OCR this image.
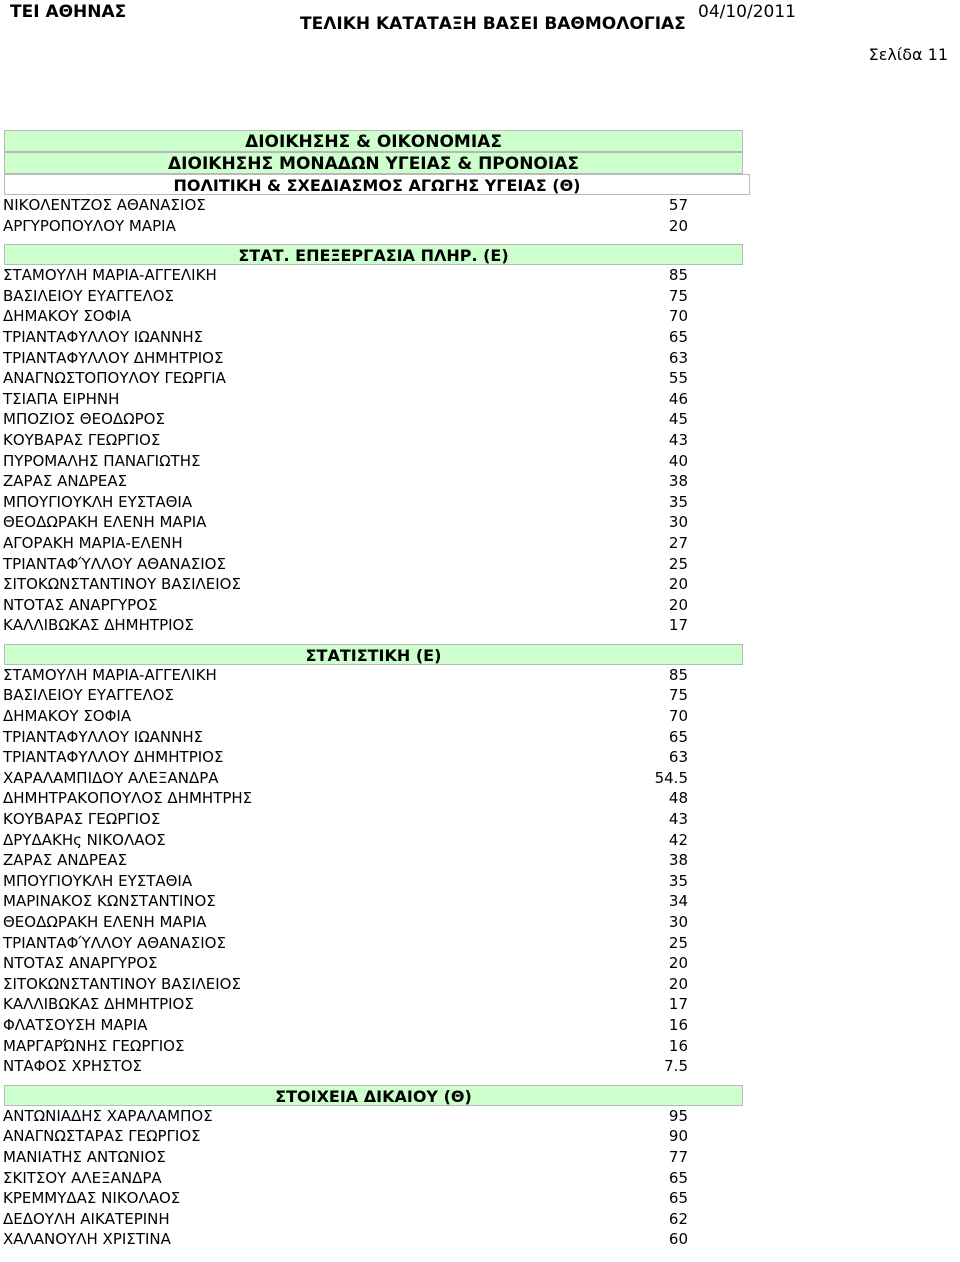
ΤΕΙ ΑΘΗΝΑΣ
ΤΕΛΙΚΗ ΚΑΤΑΤΑΞΗ ΒΑΣΕΙ ΒΑΘΜΟΛΟΓΙΑΣ
04/10/2011
Σελίδα 11
ΔΙΟΙΚΗΣΗΣ & ΟΙΚΟΝΟΜΙΑΣ
ΔΙΟΙΚΗΣΗΣ ΜΟΝΑΔΩΝ ΥΓΕΙΑΣ & ΠΡΟΝΟΙΑΣ
ΠΟΛΙΤΙΚΗ & ΣΧΕΔΙΑΣΜΟΣ ΑΓΩΓΗΣ ΥΓΕΙΑΣ (Θ)
ΝΙΚΟΛΕΝΤΖΟΣ ΑΘΑΝΑΣΙΟΣ	57
ΑΡΓΥΡΟΠΟΥΛΟΥ ΜΑΡΙΑ	20
ΣΤΑΤ. ΕΠΕΞΕΡΓΑΣΙΑ ΠΛΗΡ. (Ε)
ΣΤΑΜΟΥΛΗ ΜΑΡΙΑ-ΑΓΓΕΛΙΚΗ	85
ΒΑΣΙΛΕΙΟΥ ΕΥΑΓΓΕΛΟΣ	75
ΔΗΜΑΚΟΥ ΣΟΦΙΑ	70
ΤΡΙΑΝΤΑΦΥΛΛΟΥ ΙΩΑΝΝΗΣ	65
ΤΡΙΑΝΤΑΦΥΛΛΟΥ ΔΗΜΗΤΡΙΟΣ	63
ΑΝΑΓΝΩΣΤΟΠΟΥΛΟΥ ΓΕΩΡΓΙΑ	55
ΤΣΙΑΠΑ ΕΙΡΗΝΗ	46
ΜΠΟΖΙΟΣ ΘΕΟΔΩΡΟΣ	45
ΚΟΥΒΑΡΑΣ ΓΕΩΡΓΙΟΣ	43
ΠΥΡΟΜΑΛΗΣ ΠΑΝΑΓΙΩΤΗΣ	40
ΖΑΡΑΣ ΑΝΔΡΕΑΣ	38
ΜΠΟΥΓΙΟΥΚΛΗ ΕΥΣΤΑΘΙΑ	35
ΘΕΟΔΩΡΑΚΗ ΕΛΕΝΗ ΜΑΡΙΑ	30
ΑΓΟΡΑΚΗ ΜΑΡΙΑ-ΕΛΕΝΗ	27
ΤΡΙΑΝΤΑΦΎΛΛΟΥ ΑΘΑΝΑΣΙΟΣ	25
ΣΙΤΟΚΩΝΣΤΑΝΤΙΝΟΥ ΒΑΣΙΛΕΙΟΣ	20
ΝΤΟΤΑΣ ΑΝΑΡΓΥΡΟΣ	20
ΚΑΛΛΙΒΩΚΑΣ ΔΗΜΗΤΡΙΟΣ	17
ΣΤΑΤΙΣΤΙΚΗ (Ε)
ΣΤΑΜΟΥΛΗ ΜΑΡΙΑ-ΑΓΓΕΛΙΚΗ	85
ΒΑΣΙΛΕΙΟΥ ΕΥΑΓΓΕΛΟΣ	75
ΔΗΜΑΚΟΥ ΣΟΦΙΑ	70
ΤΡΙΑΝΤΑΦΥΛΛΟΥ ΙΩΑΝΝΗΣ	65
ΤΡΙΑΝΤΑΦΥΛΛΟΥ ΔΗΜΗΤΡΙΟΣ	63
ΧΑΡΑΛΑΜΠΙΔΟΥ ΑΛΕΞΑΝΔΡΑ	54.5
ΔΗΜΗΤΡΑΚΟΠΟΥΛΟΣ ΔΗΜΗΤΡΗΣ	48
ΚΟΥΒΑΡΑΣ ΓΕΩΡΓΙΟΣ	43
ΔΡΥΔΑΚΗς ΝΙΚΟΛΑΟΣ	42
ΖΑΡΑΣ ΑΝΔΡΕΑΣ	38
ΜΠΟΥΓΙΟΥΚΛΗ ΕΥΣΤΑΘΙΑ	35
ΜΑΡΙΝΑΚΟΣ ΚΩΝΣΤΑΝΤΙΝΟΣ	34
ΘΕΟΔΩΡΑΚΗ ΕΛΕΝΗ ΜΑΡΙΑ	30
ΤΡΙΑΝΤΑΦΎΛΛΟΥ ΑΘΑΝΑΣΙΟΣ	25
ΝΤΟΤΑΣ ΑΝΑΡΓΥΡΟΣ	20
ΣΙΤΟΚΩΝΣΤΑΝΤΙΝΟΥ ΒΑΣΙΛΕΙΟΣ	20
ΚΑΛΛΙΒΩΚΑΣ ΔΗΜΗΤΡΙΟΣ	17
ΦΛΑΤΣΟΥΣΗ ΜΑΡΙΑ	16
ΜΑΡΓΑΡΏΝΗΣ ΓΕΩΡΓΙΟΣ	16
ΝΤΑΦΟΣ ΧΡΗΣΤΟΣ	7.5
ΣΤΟΙΧΕΙΑ ΔΙΚΑΙΟΥ (Θ)
ΑΝΤΩΝΙΑΔΗΣ ΧΑΡΑΛΑΜΠΟΣ	95
ΑΝΑΓΝΩΣΤΑΡΑΣ ΓΕΩΡΓΙΟΣ	90
ΜΑΝΙΑΤΗΣ ΑΝΤΩΝΙΟΣ	77
ΣΚΙΤΣΟΥ ΑΛΕΞΑΝΔΡΑ	65
ΚΡΕΜΜΥΔΑΣ ΝΙΚΟΛΑΟΣ	65
ΔΕΔΟΥΛΗ ΑΙΚΑΤΕΡΙΝΗ	62
ΧΑΛΑΝΟΥΛΗ ΧΡΙΣΤΙΝΑ	60
